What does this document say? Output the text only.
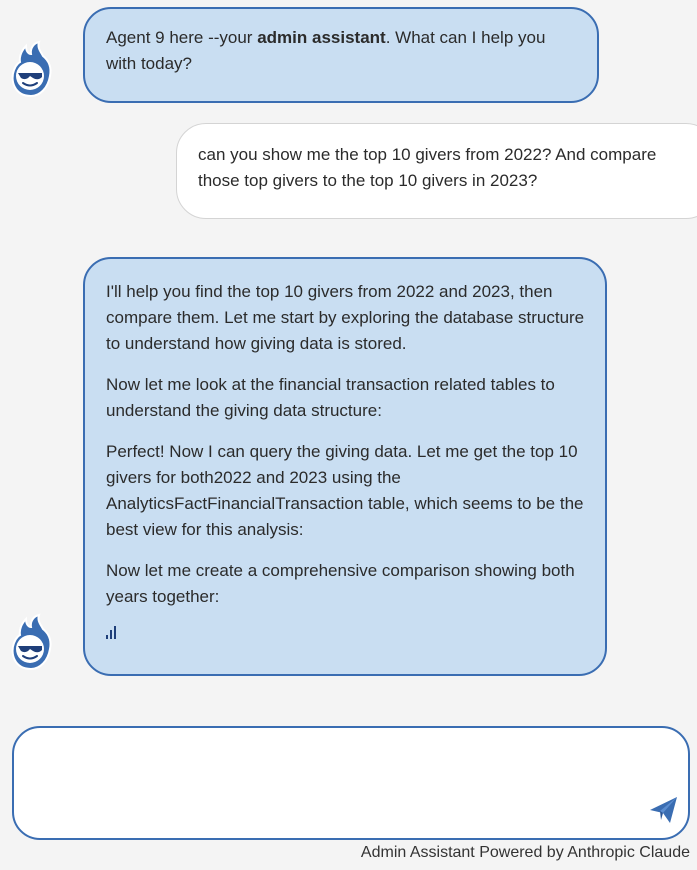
Agent 9 here --your admin assistant. What can I help you with today?
can you show me the top 10 givers from 2022? And compare those top givers to the top 10 givers in 2023?

I'll help you find the top 10 givers from 2022 and 2023, then compare them. Let me start by exploring the database structure to understand how giving data is stored.

Now let me look at the financial transaction related tables to understand the giving data structure:

Perfect! Now I can query the giving data. Let me get the top 10 givers for both2022 and 2023 using the AnalyticsFactFinancialTransaction table, which seems to be the best view for this analysis:

Now let me create a comprehensive comparison showing both years together:

Admin Assistant Powered by Anthropic Claude
